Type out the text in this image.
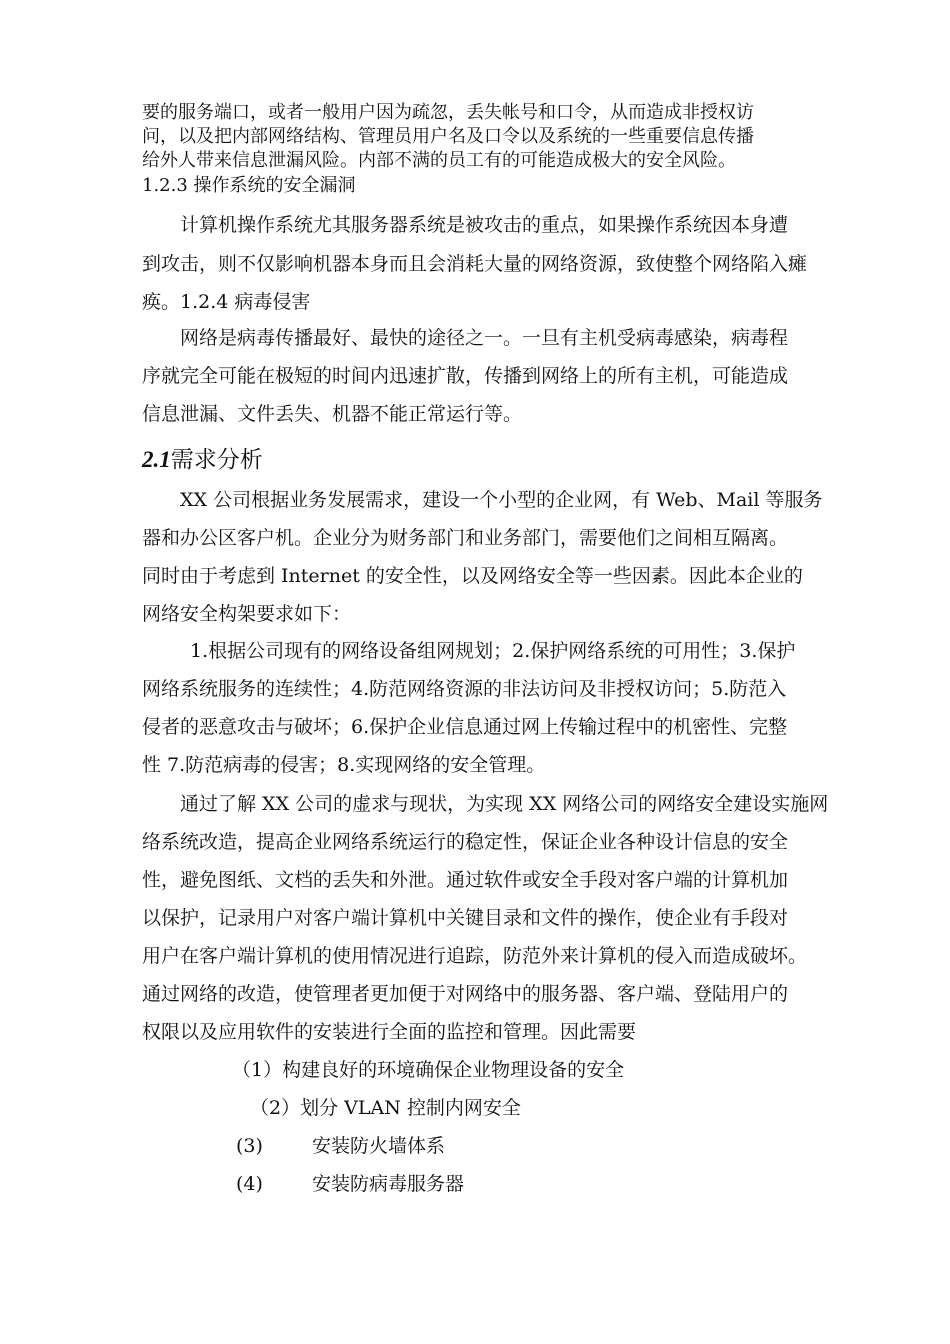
要的服务端口，或者一般用户因为疏忽，丢失帐号和口令，从而造成非授权访
问，以及把内部网络结构、管理员用户名及口令以及系统的一些重要信息传播
给外人带来信息泄漏风险。内部不满的员工有的可能造成极大的安全风险。
1.2.3 操作系统的安全漏洞
计算机操作系统尤其服务器系统是被攻击的重点，如果操作系统因本身遭
到攻击，则不仅影响机器本身而且会消耗大量的网络资源，致使整个网络陷入瘫
痪。1.2.4 病毒侵害
网络是病毒传播最好、最快的途径之一。一旦有主机受病毒感染，病毒程
序就完全可能在极短的时间内迅速扩散，传播到网络上的所有主机，可能造成
信息泄漏、文件丢失、机器不能正常运行等。
2.1需求分析
XX 公司根据业务发展需求，建设一个小型的企业网，有 Web、Mail 等服务
器和办公区客户机。企业分为财务部门和业务部门，需要他们之间相互隔离。
同时由于考虑到 Internet 的安全性，以及网络安全等一些因素。因此本企业的
网络安全构架要求如下：
1.根据公司现有的网络设备组网规划；2.保护网络系统的可用性；3.保护
网络系统服务的连续性；4.防范网络资源的非法访问及非授权访问；5.防范入
侵者的恶意攻击与破坏；6.保护企业信息通过网上传输过程中的机密性、完整
性 7.防范病毒的侵害；8.实现网络的安全管理。
通过了解 XX 公司的虚求与现状，为实现 XX 网络公司的网络安全建设实施网
络系统改造，提高企业网络系统运行的稳定性，保证企业各种设计信息的安全
性，避免图纸、文档的丢失和外泄。通过软件或安全手段对客户端的计算机加
以保护，记录用户对客户端计算机中关键目录和文件的操作，使企业有手段对
用户在客户端计算机的使用情况进行追踪，防范外来计算机的侵入而造成破坏。
通过网络的改造，使管理者更加便于对网络中的服务器、客户端、登陆用户的
权限以及应用软件的安装进行全面的监控和管理。因此需要
（1）构建良好的环境确保企业物理设备的安全
（2）划分 VLAN 控制内网安全
(3)	安装防火墙体系
(4)	安装防病毒服务器
